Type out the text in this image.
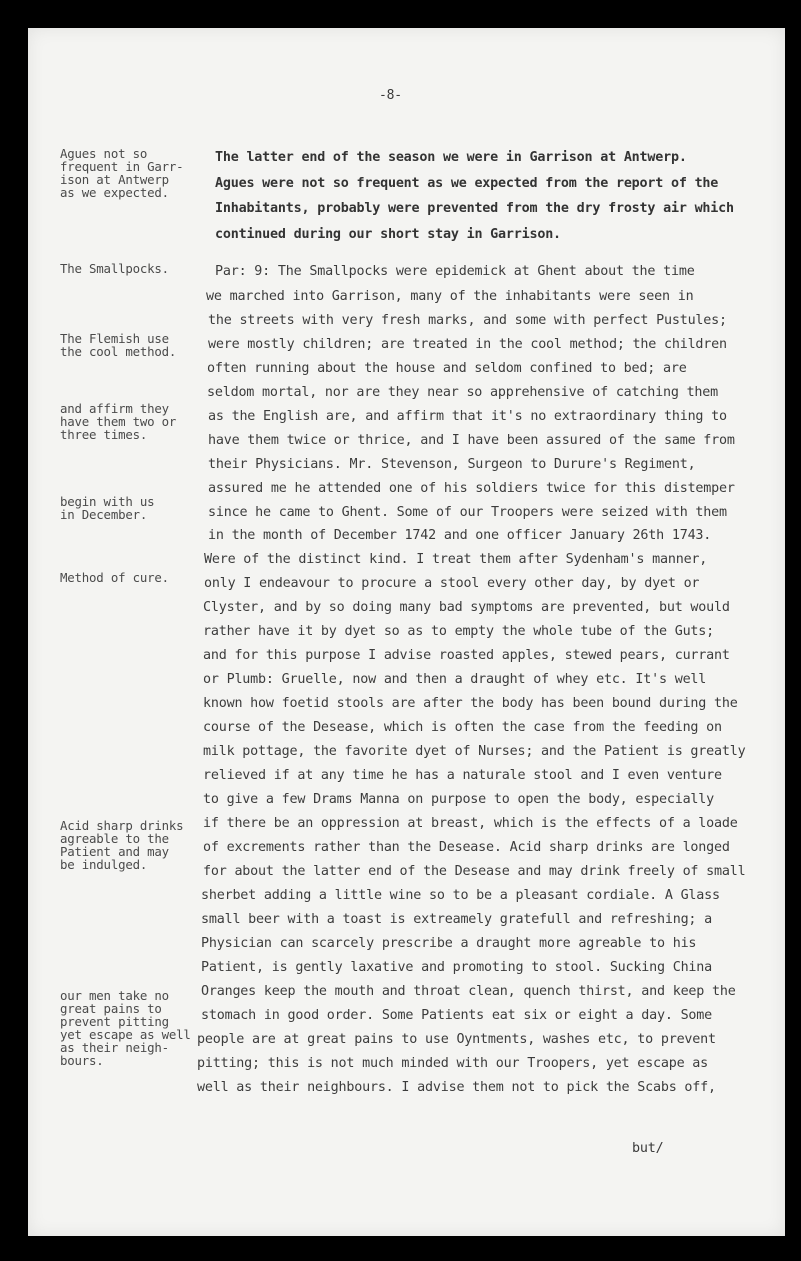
-8-
Agues not so
frequent in Garr-
ison at Antwerp
as we expected.
The Smallpocks.
The Flemish use
the cool method.
and affirm they
have them two or
three times.
begin with us
in December.
Method of cure.
Acid sharp drinks
agreable to the
Patient and may
be indulged.
our men take no
great pains to
prevent pitting
yet escape as well
as their neigh-
bours.
The latter end of the season we were in Garrison at Antwerp.
Agues were not so frequent as we expected from the report of the
Inhabitants, probably were prevented from the dry frosty air which
continued during our short stay in Garrison.
Par: 9: The Smallpocks were epidemick at Ghent about the time
we marched into Garrison, many of the inhabitants were seen in
the streets with very fresh marks, and some with perfect Pustules;
were mostly children; are treated in the cool method; the children
often running about the house and seldom confined to bed; are
seldom mortal, nor are they near so apprehensive of catching them
as the English are, and affirm that it's no extraordinary thing to
have them twice or thrice, and I have been assured of the same from
their Physicians. Mr. Stevenson, Surgeon to Durure's Regiment,
assured me he attended one of his soldiers twice for this distemper
since he came to Ghent. Some of our Troopers were seized with them
in the month of December 1742 and one officer January 26th 1743.
Were of the distinct kind. I treat them after Sydenham's manner,
only I endeavour to procure a stool every other day, by dyet or
Clyster, and by so doing many bad symptoms are prevented, but would
rather have it by dyet so as to empty the whole tube of the Guts;
and for this purpose I advise roasted apples, stewed pears, currant
or Plumb: Gruelle, now and then a draught of whey etc. It's well
known how foetid stools are after the body has been bound during the
course of the Desease, which is often the case from the feeding on
milk pottage, the favorite dyet of Nurses; and the Patient is greatly
relieved if at any time he has a naturale stool and I even venture
to give a few Drams Manna on purpose to open the body, especially
if there be an oppression at breast, which is the effects of a loade
of excrements rather than the Desease. Acid sharp drinks are longed
for about the latter end of the Desease and may drink freely of small
sherbet adding a little wine so to be a pleasant cordiale. A Glass
small beer with a toast is extreamely gratefull and refreshing; a
Physician can scarcely prescribe a draught more agreable to his
Patient, is gently laxative and promoting to stool. Sucking China
Oranges keep the mouth and throat clean, quench thirst, and keep the
stomach in good order. Some Patients eat six or eight a day. Some
people are at great pains to use Oyntments, washes etc, to prevent
pitting; this is not much minded with our Troopers, yet escape as
well as their neighbours. I advise them not to pick the Scabs off,
but/
